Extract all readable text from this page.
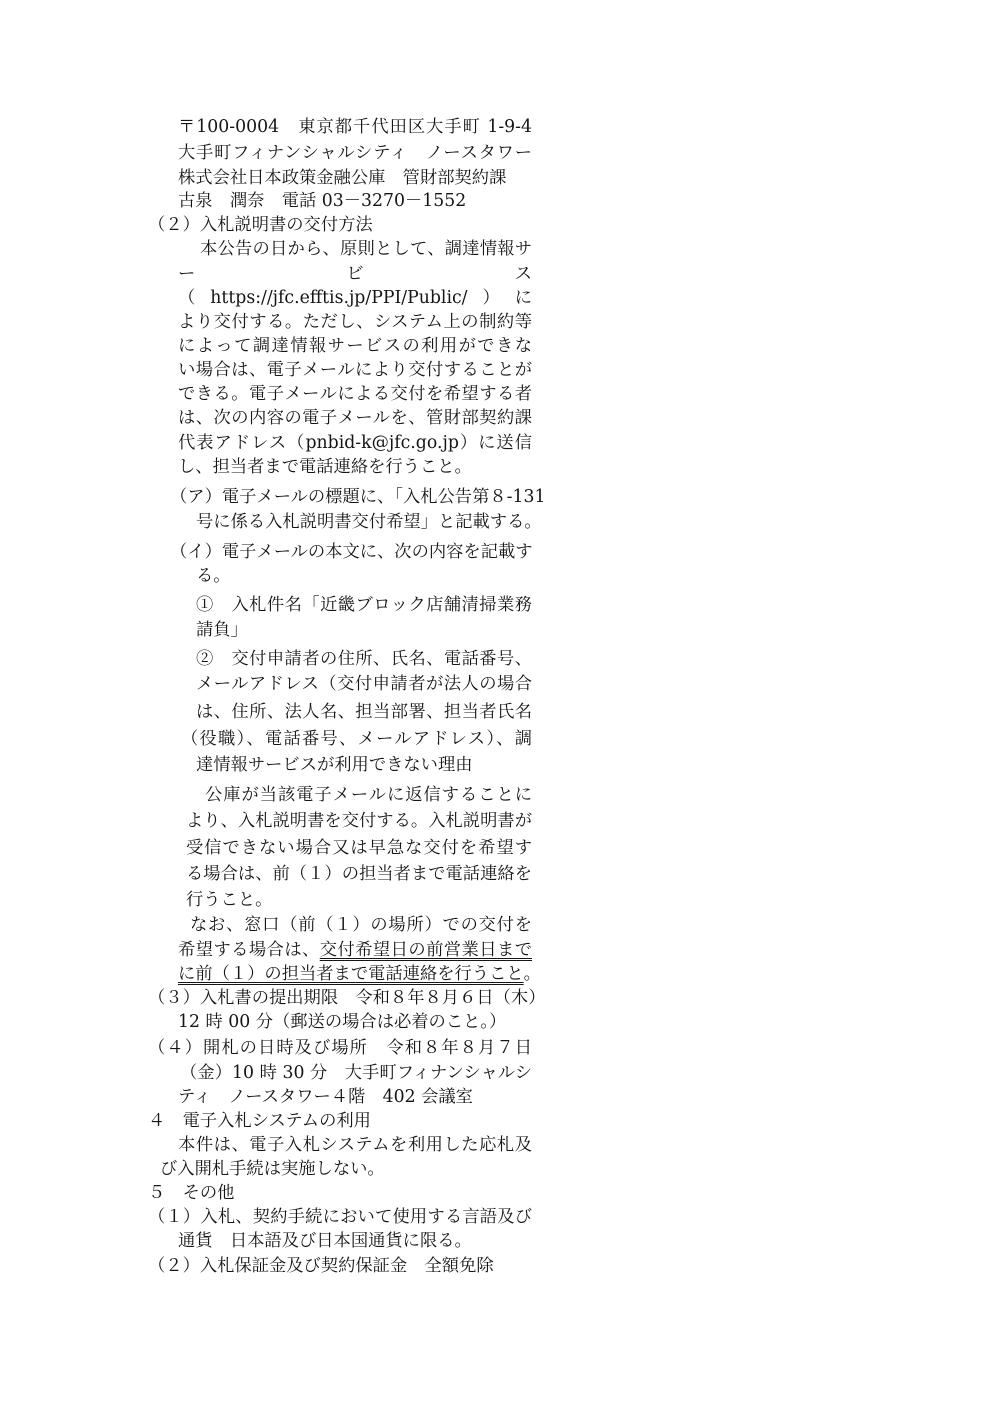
〒100-0004　東京都千代田区大手町 1-9-4
大手町フィナンシャルシティ　ノースタワー
株式会社日本政策金融公庫　管財部契約課
古泉　潤奈　電話 03－3270－1552
（２）入札説明書の交付方法
本公告の日から、原則として、調達情報サ
ー	ビ	ス
（https://jfc.efftis.jp/PPI/Public/）に
より交付する。ただし、システム上の制約等
によって調達情報サービスの利用ができな
い場合は、電子メールにより交付することが
できる。電子メールによる交付を希望する者
は、次の内容の電子メールを、管財部契約課
代表アドレス（pnbid-k@jfc.go.jp）に送信
し、担当者まで電話連絡を行うこと。
（ア）電子メールの標題に、「入札公告第８-131
号に係る入札説明書交付希望」と記載する。
（イ）電子メールの本文に、次の内容を記載す
る。
①　入札件名「近畿ブロック店舗清掃業務
請負」
②　交付申請者の住所、氏名、電話番号、
メールアドレス（交付申請者が法人の場合
は、住所、法人名、担当部署、担当者氏名
（役職）、電話番号、メールアドレス）、調
達情報サービスが利用できない理由
公庫が当該電子メールに返信することに
より、入札説明書を交付する。入札説明書が
受信できない場合又は早急な交付を希望す
る場合は、前（１）の担当者まで電話連絡を
行うこと。
なお、窓口（前（１）の場所）での交付を
希望する場合は、交付希望日の前営業日まで
に前（１）の担当者まで電話連絡を行うこと。
（３）入札書の提出期限　令和８年８月６日（木）
12 時 00 分（郵送の場合は必着のこと。）
（４）開札の日時及び場所　令和８年８月７日
（金）10 時 30 分　大手町フィナンシャルシ
ティ　ノースタワー４階　402 会議室
４　電子入札システムの利用
本件は、電子入札システムを利用した応札及
び入開札手続は実施しない。
５　その他
（１）入札、契約手続において使用する言語及び
通貨　日本語及び日本国通貨に限る。
（２）入札保証金及び契約保証金　全額免除
